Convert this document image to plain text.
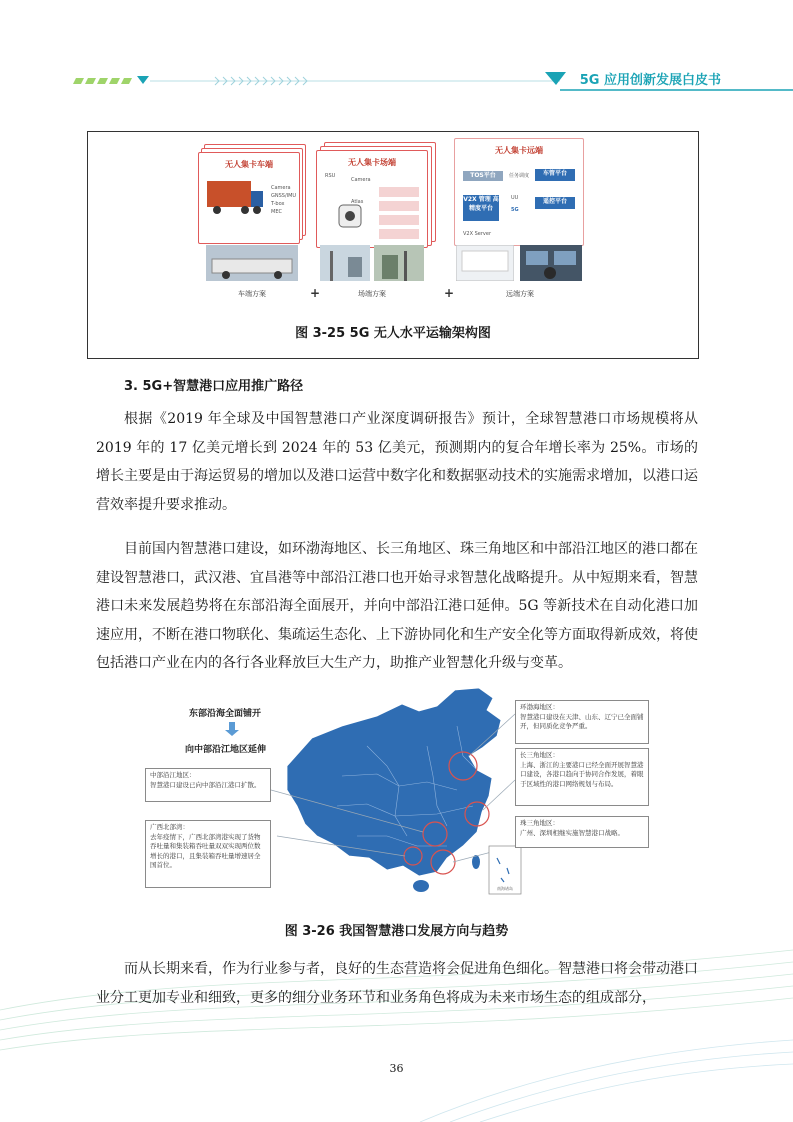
5G 应用创新发展白皮书
无人集卡车端
Camera
GNSS/IMU
T-box
MEC
车端方案	+
无人集卡场端
RSU
Camera
Atlas
场端方案	+
无人集卡远端
TOS平台	任务调度	车管平台
V2X 管理 高精度平台
UU
5G
遥控平台
V2X Server
远端方案
图 3-25 5G 无人水平运输架构图
3. 5G+智慧港口应用推广路径

根据《2019 年全球及中国智慧港口产业深度调研报告》预计，全球智慧港口市场规模将从 2019 年的 17 亿美元增长到 2024 年的 53 亿美元，预测期内的复合年增长率为 25%。市场的增长主要是由于海运贸易的增加以及港口运营中数字化和数据驱动技术的实施需求增加，以港口运营效率提升要求推动。

目前国内智慧港口建设，如环渤海地区、长三角地区、珠三角地区和中部沿江地区的港口都在建设智慧港口，武汉港、宜昌港等中部沿江港口也开始寻求智慧化战略提升。从中短期来看，智慧港口未来发展趋势将在东部沿海全面展开，并向中部沿江港口延伸。5G 等新技术在自动化港口加速应用，不断在港口物联化、集疏运生态化、上下游协同化和生产安全化等方面取得新成效，将使包括港口产业在内的各行各业释放巨大生产力，助推产业智慧化升级与变革。

东部沿海全面铺开
向中部沿江地区延伸
中部沿江地区：
智慧港口建设已向中部沿江港口扩散。
广西北部湾：
去年疫情下，广西北部湾港实现了货物吞吐量和集装箱吞吐量双双实现两位数增长的港口，且集装箱吞吐量增速居全国首位。
环渤海地区：
智慧港口建设在天津、山东、辽宁已全面铺开，但同质化竞争严重。
长三角地区：
上海、浙江的主要港口已经全面开展智慧港口建设，各港口趋向于协同合作发展，着眼于区域性的港口网络规划与布局。
珠三角地区：
广州、深圳相继实施智慧港口战略。
南海诸岛
图 3-26 我国智慧港口发展方向与趋势

而从长期来看，作为行业参与者，良好的生态营造将会促进角色细化。智慧港口将会带动港口业分工更加专业和细致，更多的细分业务环节和业务角色将成为未来市场生态的组成部分，

36
